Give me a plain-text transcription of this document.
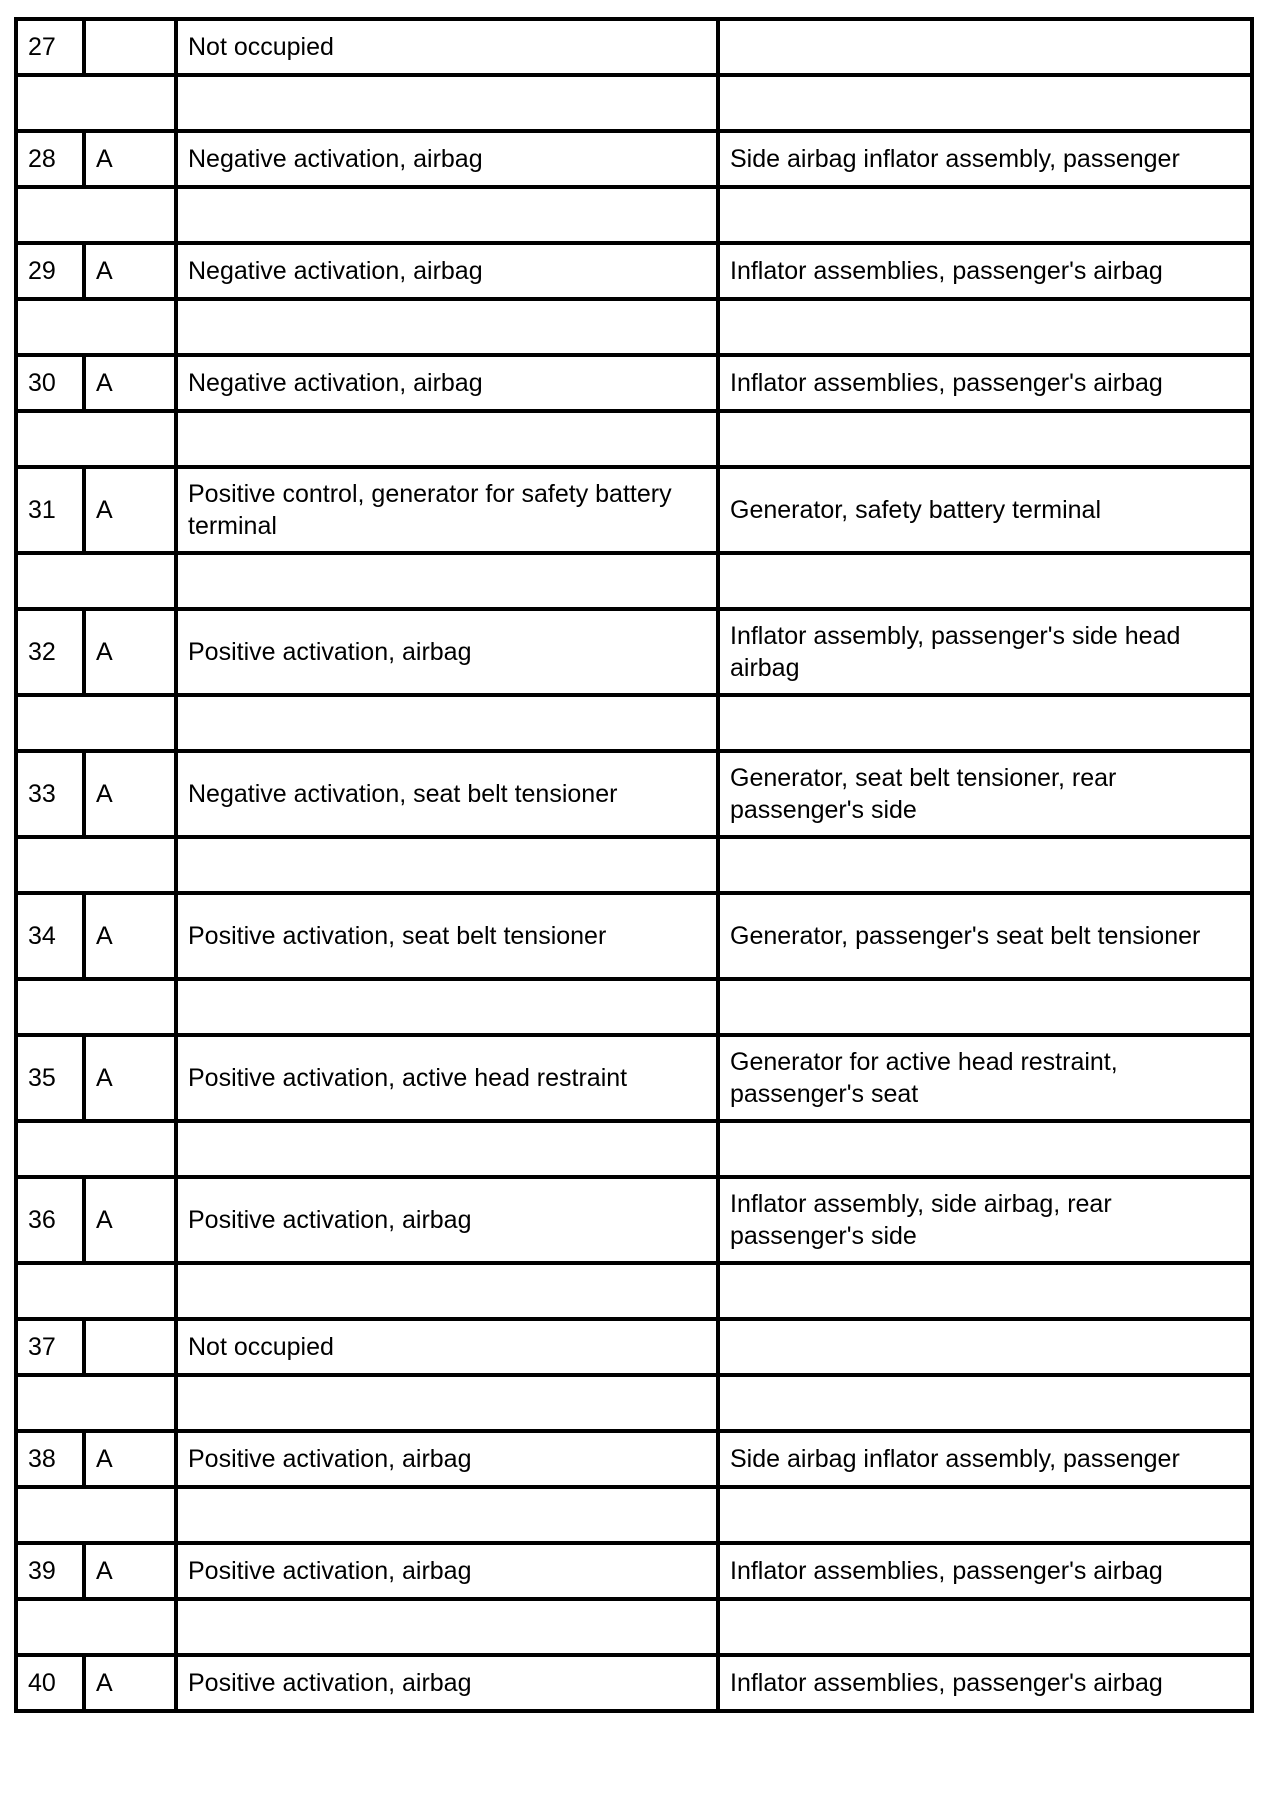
27		Not occupied	

28	A	Negative activation, airbag	Side airbag inflator assembly, passenger

29	A	Negative activation, airbag	Inflator assemblies, passenger's airbag

30	A	Negative activation, airbag	Inflator assemblies, passenger's airbag

31	A	Positive control, generator for safety battery terminal	Generator, safety battery terminal

32	A	Positive activation, airbag	Inflator assembly, passenger's side head airbag

33	A	Negative activation, seat belt tensioner	Generator, seat belt tensioner, rear passenger's side

34	A	Positive activation, seat belt tensioner	Generator, passenger's seat belt tensioner

35	A	Positive activation, active head restraint	Generator for active head restraint, passenger's seat

36	A	Positive activation, airbag	Inflator assembly, side airbag, rear passenger's side

37		Not occupied	

38	A	Positive activation, airbag	Side airbag inflator assembly, passenger

39	A	Positive activation, airbag	Inflator assemblies, passenger's airbag

40	A	Positive activation, airbag	Inflator assemblies, passenger's airbag
